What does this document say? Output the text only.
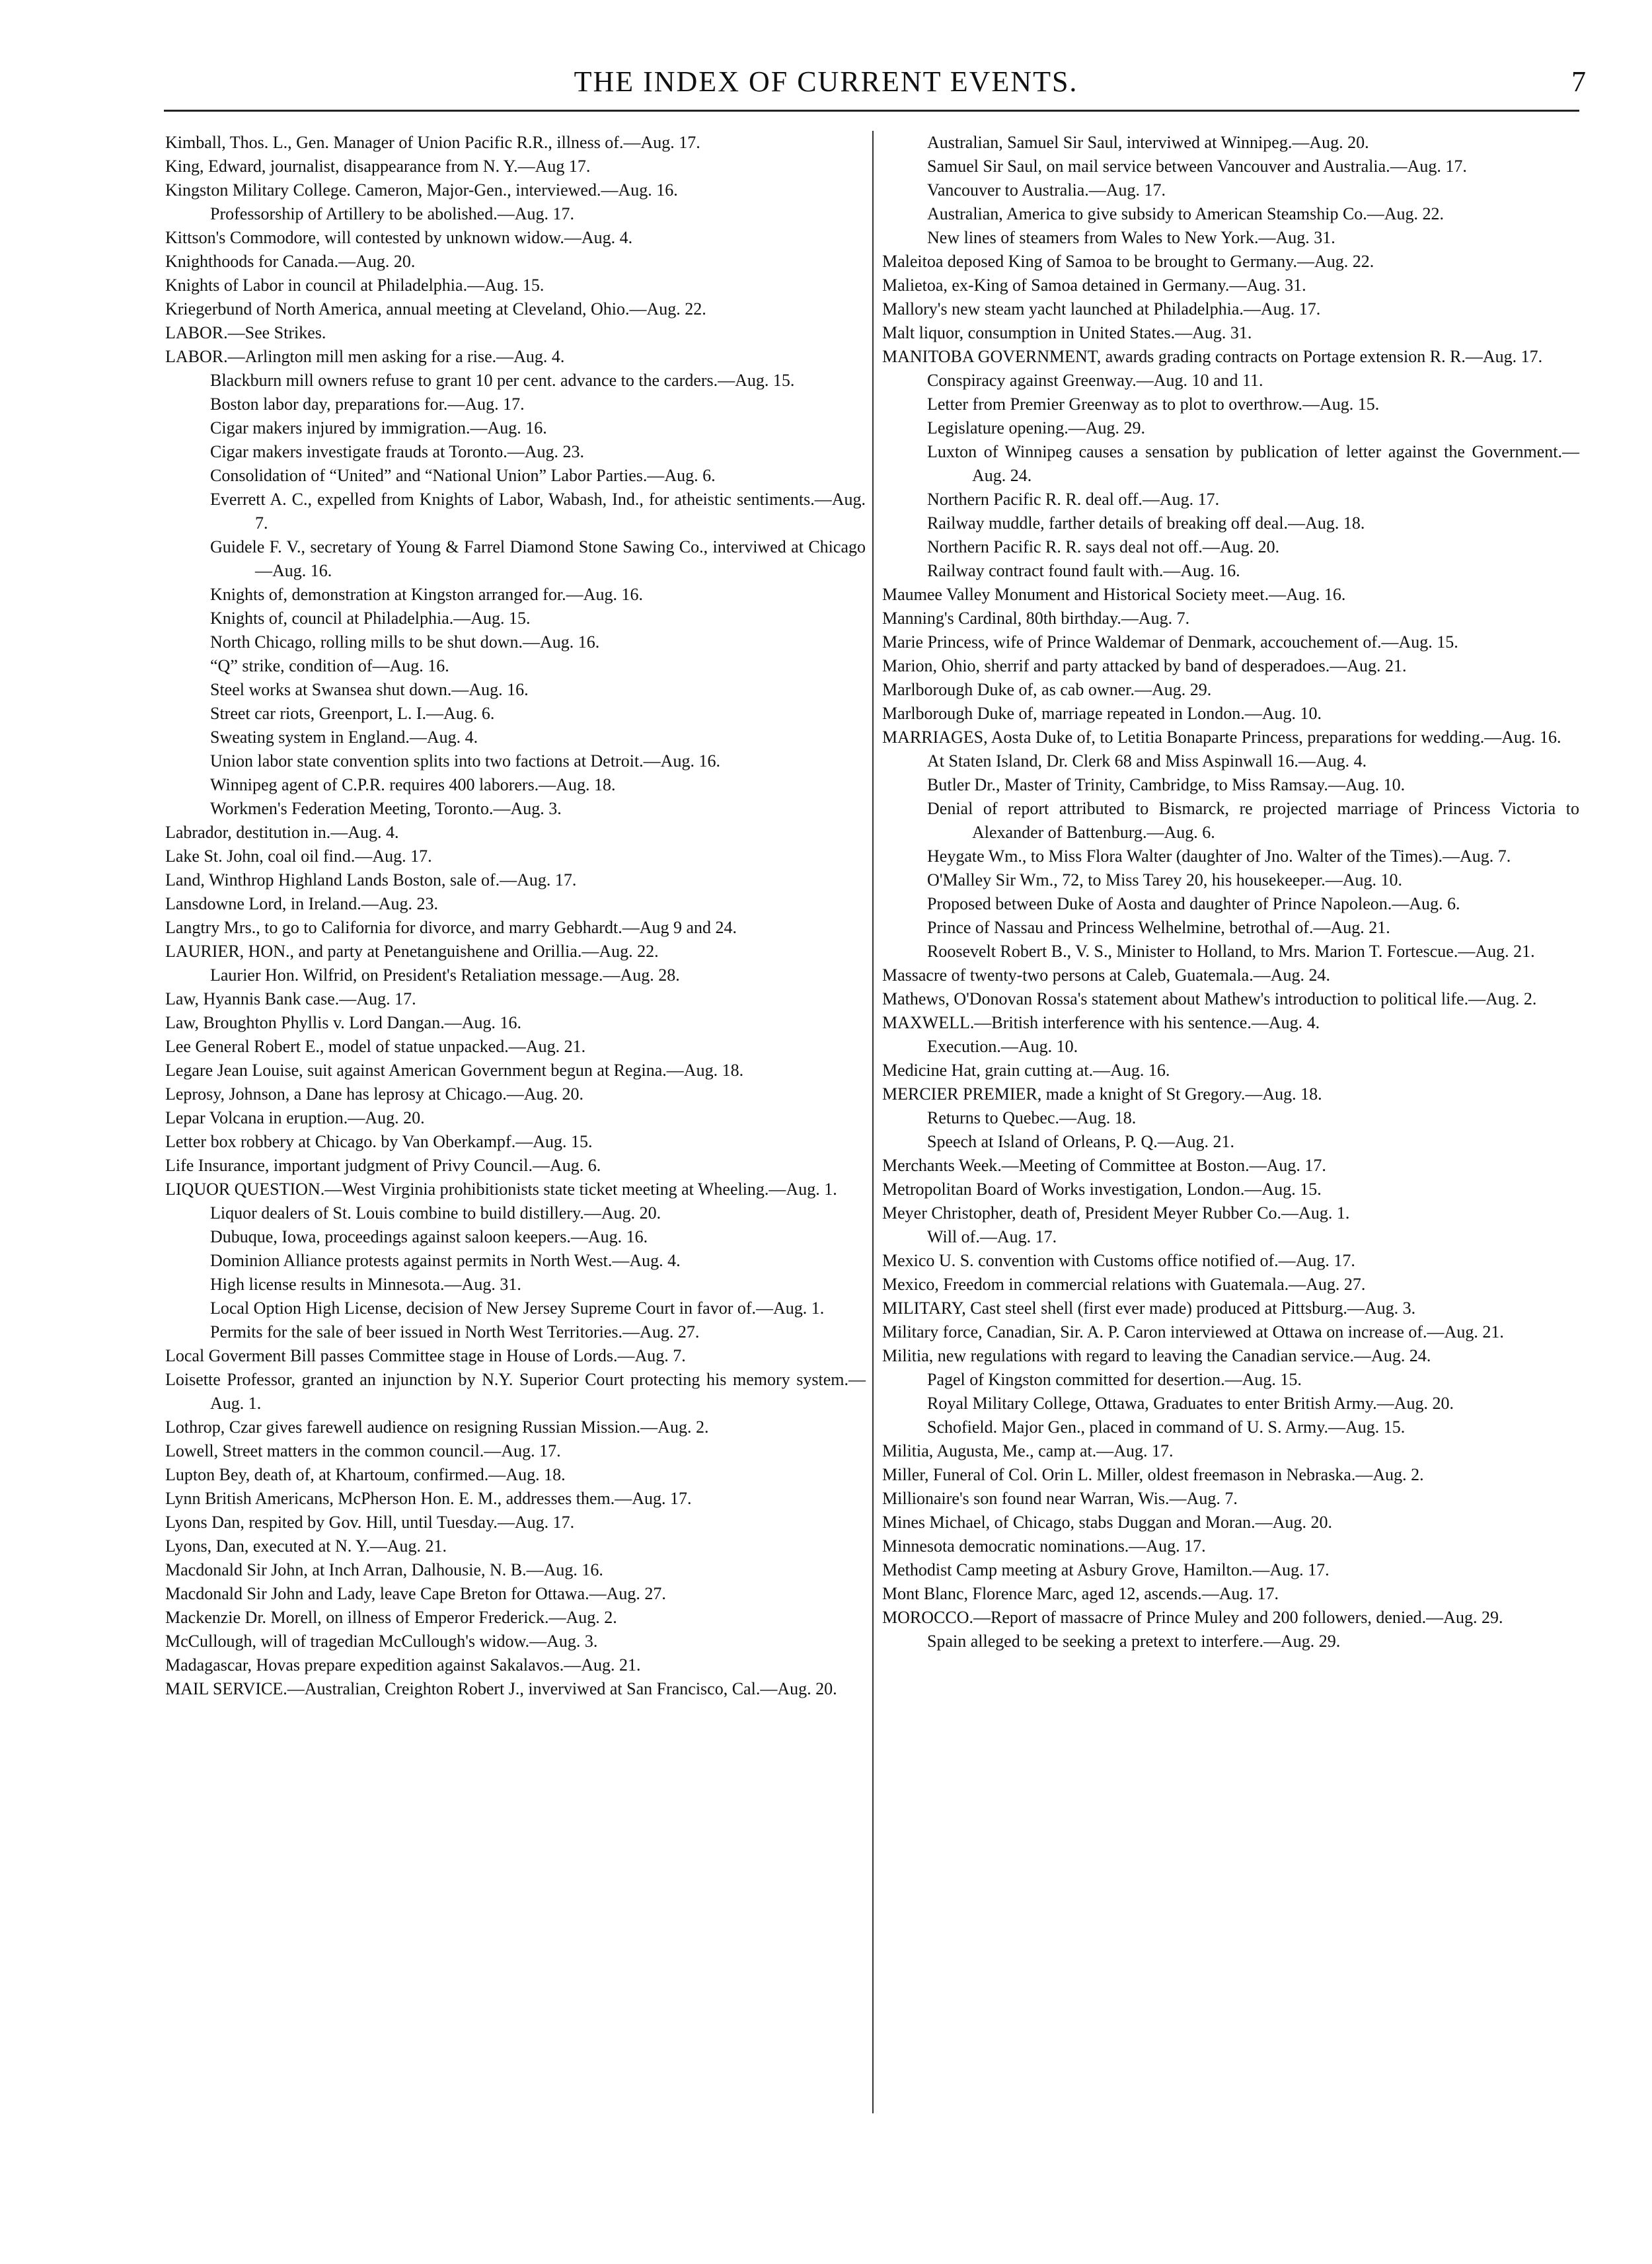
THE INDEX OF CURRENT EVENTS.	7
Kimball, Thos. L., Gen. Manager of Union Pacific R.R., illness of.—Aug. 17.
King, Edward, journalist, disappearance from N. Y.—Aug 17.
Kingston Military College. Cameron, Major-Gen., interviewed.—Aug. 16.
Professorship of Artillery to be abolished.—Aug. 17.
Kittson's Commodore, will contested by unknown widow.—Aug. 4.
Knighthoods for Canada.—Aug. 20.
Knights of Labor in council at Philadelphia.—Aug. 15.
Kriegerbund of North America, annual meeting at Cleveland, Ohio.—Aug. 22.
LABOR.—See Strikes.
LABOR.—Arlington mill men asking for a rise.—Aug. 4.
Blackburn mill owners refuse to grant 10 per cent. advance to the carders.—Aug. 15.
Boston labor day, preparations for.—Aug. 17.
Cigar makers injured by immigration.—Aug. 16.
Cigar makers investigate frauds at Toronto.—Aug. 23.
Consolidation of “United” and “National Union” Labor Parties.—Aug. 6.
Everrett A. C., expelled from Knights of Labor, Wabash, Ind., for atheistic sentiments.—Aug. 7.
Guidele F. V., secretary of Young & Farrel Diamond Stone Sawing Co., interviwed at Chicago—Aug. 16.
Knights of, demonstration at Kingston arranged for.—Aug. 16.
Knights of, council at Philadelphia.—Aug. 15.
North Chicago, rolling mills to be shut down.—Aug. 16.
“Q” strike, condition of—Aug. 16.
Steel works at Swansea shut down.—Aug. 16.
Street car riots, Greenport, L. I.—Aug. 6.
Sweating system in England.—Aug. 4.
Union labor state convention splits into two factions at Detroit.—Aug. 16.
Winnipeg agent of C.P.R. requires 400 laborers.—Aug. 18.
Workmen's Federation Meeting, Toronto.—Aug. 3.
Labrador, destitution in.—Aug. 4.
Lake St. John, coal oil find.—Aug. 17.
Land, Winthrop Highland Lands Boston, sale of.—Aug. 17.
Lansdowne Lord, in Ireland.—Aug. 23.
Langtry Mrs., to go to California for divorce, and marry Gebhardt.—Aug 9 and 24.
LAURIER, HON., and party at Penetanguishene and Orillia.—Aug. 22.
Laurier Hon. Wilfrid, on President's Retaliation message.—Aug. 28.
Law, Hyannis Bank case.—Aug. 17.
Law, Broughton Phyllis v. Lord Dangan.—Aug. 16.
Lee General Robert E., model of statue unpacked.—Aug. 21.
Legare Jean Louise, suit against American Government begun at Regina.—Aug. 18.
Leprosy, Johnson, a Dane has leprosy at Chicago.—Aug. 20.
Lepar Volcana in eruption.—Aug. 20.
Letter box robbery at Chicago. by Van Oberkampf.—Aug. 15.
Life Insurance, important judgment of Privy Council.—Aug. 6.
LIQUOR QUESTION.—West Virginia prohibitionists state ticket meeting at Wheeling.—Aug. 1.
Liquor dealers of St. Louis combine to build distillery.—Aug. 20.
Dubuque, Iowa, proceedings against saloon keepers.—Aug. 16.
Dominion Alliance protests against permits in North West.—Aug. 4.
High license results in Minnesota.—Aug. 31.
Local Option High License, decision of New Jersey Supreme Court in favor of.—Aug. 1.
Permits for the sale of beer issued in North West Territories.—Aug. 27.
Local Goverment Bill passes Committee stage in House of Lords.—Aug. 7.
Loisette Professor, granted an injunction by N.Y. Superior Court protecting his memory system.—Aug. 1.
Lothrop, Czar gives farewell audience on resigning Russian Mission.—Aug. 2.
Lowell, Street matters in the common council.—Aug. 17.
Lupton Bey, death of, at Khartoum, confirmed.—Aug. 18.
Lynn British Americans, McPherson Hon. E. M., addresses them.—Aug. 17.
Lyons Dan, respited by Gov. Hill, until Tuesday.—Aug. 17.
Lyons, Dan, executed at N. Y.—Aug. 21.
Macdonald Sir John, at Inch Arran, Dalhousie, N. B.—Aug. 16.
Macdonald Sir John and Lady, leave Cape Breton for Ottawa.—Aug. 27.
Mackenzie Dr. Morell, on illness of Emperor Frederick.—Aug. 2.
McCullough, will of tragedian McCullough's widow.—Aug. 3.
Madagascar, Hovas prepare expedition against Sakalavos.—Aug. 21.
MAIL SERVICE.—Australian, Creighton Robert J., inverviwed at San Francisco, Cal.—Aug. 20.
Australian, Samuel Sir Saul, interviwed at Winnipeg.—Aug. 20.
Samuel Sir Saul, on mail service between Vancouver and Australia.—Aug. 17.
Vancouver to Australia.—Aug. 17.
Australian, America to give subsidy to American Steamship Co.—Aug. 22.
New lines of steamers from Wales to New York.—Aug. 31.
Maleitoa deposed King of Samoa to be brought to Germany.—Aug. 22.
Malietoa, ex-King of Samoa detained in Germany.—Aug. 31.
Mallory's new steam yacht launched at Philadelphia.—Aug. 17.
Malt liquor, consumption in United States.—Aug. 31.
MANITOBA GOVERNMENT, awards grading contracts on Portage extension R. R.—Aug. 17.
Conspiracy against Greenway.—Aug. 10 and 11.
Letter from Premier Greenway as to plot to overthrow.—Aug. 15.
Legislature opening.—Aug. 29.
Luxton of Winnipeg causes a sensation by publication of letter against the Government.—Aug. 24.
Northern Pacific R. R. deal off.—Aug. 17.
Railway muddle, farther details of breaking off deal.—Aug. 18.
Northern Pacific R. R. says deal not off.—Aug. 20.
Railway contract found fault with.—Aug. 16.
Maumee Valley Monument and Historical Society meet.—Aug. 16.
Manning's Cardinal, 80th birthday.—Aug. 7.
Marie Princess, wife of Prince Waldemar of Denmark, accouchement of.—Aug. 15.
Marion, Ohio, sherrif and party attacked by band of desperadoes.—Aug. 21.
Marlborough Duke of, as cab owner.—Aug. 29.
Marlborough Duke of, marriage repeated in London.—Aug. 10.
MARRIAGES, Aosta Duke of, to Letitia Bonaparte Princess, preparations for wedding.—Aug. 16.
At Staten Island, Dr. Clerk 68 and Miss Aspinwall 16.—Aug. 4.
Butler Dr., Master of Trinity, Cambridge, to Miss Ramsay.—Aug. 10.
Denial of report attributed to Bismarck, re projected marriage of Princess Victoria to Alexander of Battenburg.—Aug. 6.
Heygate Wm., to Miss Flora Walter (daughter of Jno. Walter of the Times).—Aug. 7.
O'Malley Sir Wm., 72, to Miss Tarey 20, his housekeeper.—Aug. 10.
Proposed between Duke of Aosta and daughter of Prince Napoleon.—Aug. 6.
Prince of Nassau and Princess Welhelmine, betrothal of.—Aug. 21.
Roosevelt Robert B., V. S., Minister to Holland, to Mrs. Marion T. Fortescue.—Aug. 21.
Massacre of twenty-two persons at Caleb, Guatemala.—Aug. 24.
Mathews, O'Donovan Rossa's statement about Mathew's introduction to political life.—Aug. 2.
MAXWELL.—British interference with his sentence.—Aug. 4.
Execution.—Aug. 10.
Medicine Hat, grain cutting at.—Aug. 16.
MERCIER PREMIER, made a knight of St Gregory.—Aug. 18.
Returns to Quebec.—Aug. 18.
Speech at Island of Orleans, P. Q.—Aug. 21.
Merchants Week.—Meeting of Committee at Boston.—Aug. 17.
Metropolitan Board of Works investigation, London.—Aug. 15.
Meyer Christopher, death of, President Meyer Rubber Co.—Aug. 1.
Will of.—Aug. 17.
Mexico U. S. convention with Customs office notified of.—Aug. 17.
Mexico, Freedom in commercial relations with Guatemala.—Aug. 27.
MILITARY, Cast steel shell (first ever made) produced at Pittsburg.—Aug. 3.
Military force, Canadian, Sir. A. P. Caron interviewed at Ottawa on increase of.—Aug. 21.
Militia, new regulations with regard to leaving the Canadian service.—Aug. 24.
Pagel of Kingston committed for desertion.—Aug. 15.
Royal Military College, Ottawa, Graduates to enter British Army.—Aug. 20.
Schofield. Major Gen., placed in command of U. S. Army.—Aug. 15.
Militia, Augusta, Me., camp at.—Aug. 17.
Miller, Funeral of Col. Orin L. Miller, oldest freemason in Nebraska.—Aug. 2.
Millionaire's son found near Warran, Wis.—Aug. 7.
Mines Michael, of Chicago, stabs Duggan and Moran.—Aug. 20.
Minnesota democratic nominations.—Aug. 17.
Methodist Camp meeting at Asbury Grove, Hamilton.—Aug. 17.
Mont Blanc, Florence Marc, aged 12, ascends.—Aug. 17.
MOROCCO.—Report of massacre of Prince Muley and 200 followers, denied.—Aug. 29.
Spain alleged to be seeking a pretext to interfere.—Aug. 29.
